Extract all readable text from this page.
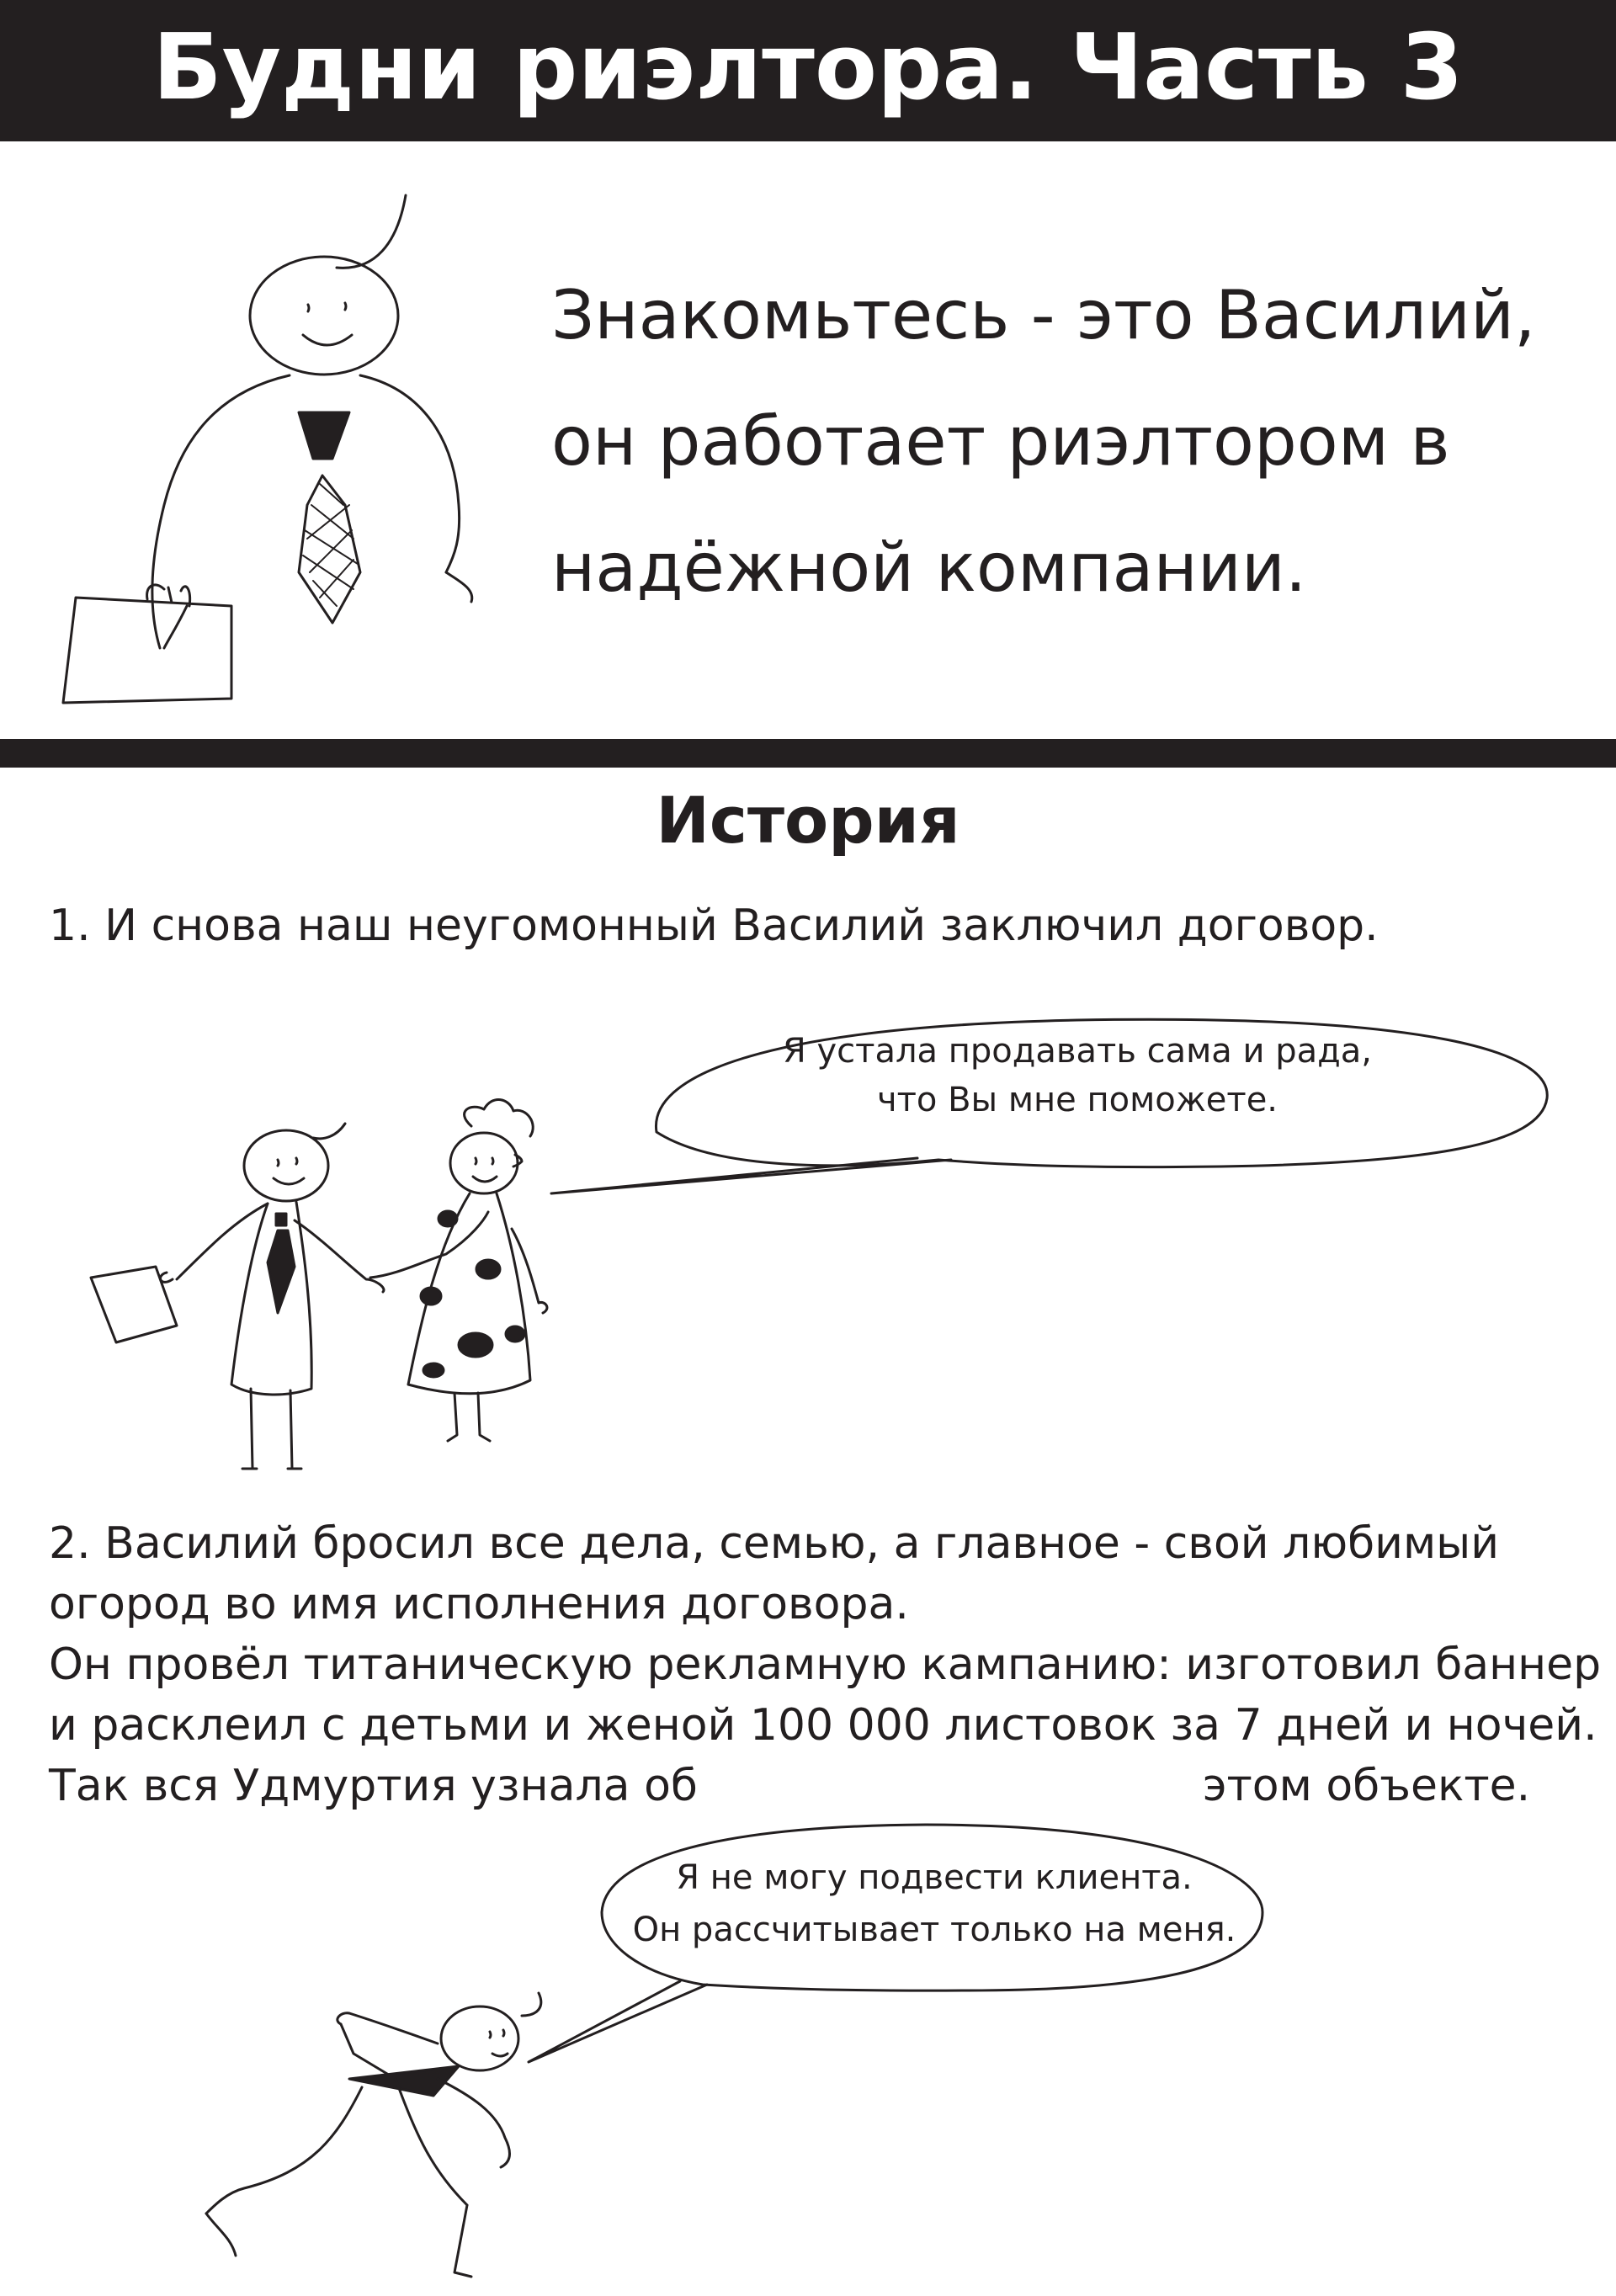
Будни риэлтора. Часть 3
Знакомьтесь - это Василий,
он работает риэлтором в
надёжной компании.
История
1. И снова наш неугомонный Василий заключил договор.
Я устала продавать сама и рада,
что Вы мне поможете.
2. Василий бросил все дела, семью, а главное - свой любимый
огород во имя исполнения договора.
Он провёл титаническую рекламную кампанию: изготовил баннер
и расклеил с детьми и женой 100 000 листовок за 7 дней и ночей.
Так вся Удмуртия узнала об	этом объекте.
Я не могу подвести клиента.
Он рассчитывает только на меня.
